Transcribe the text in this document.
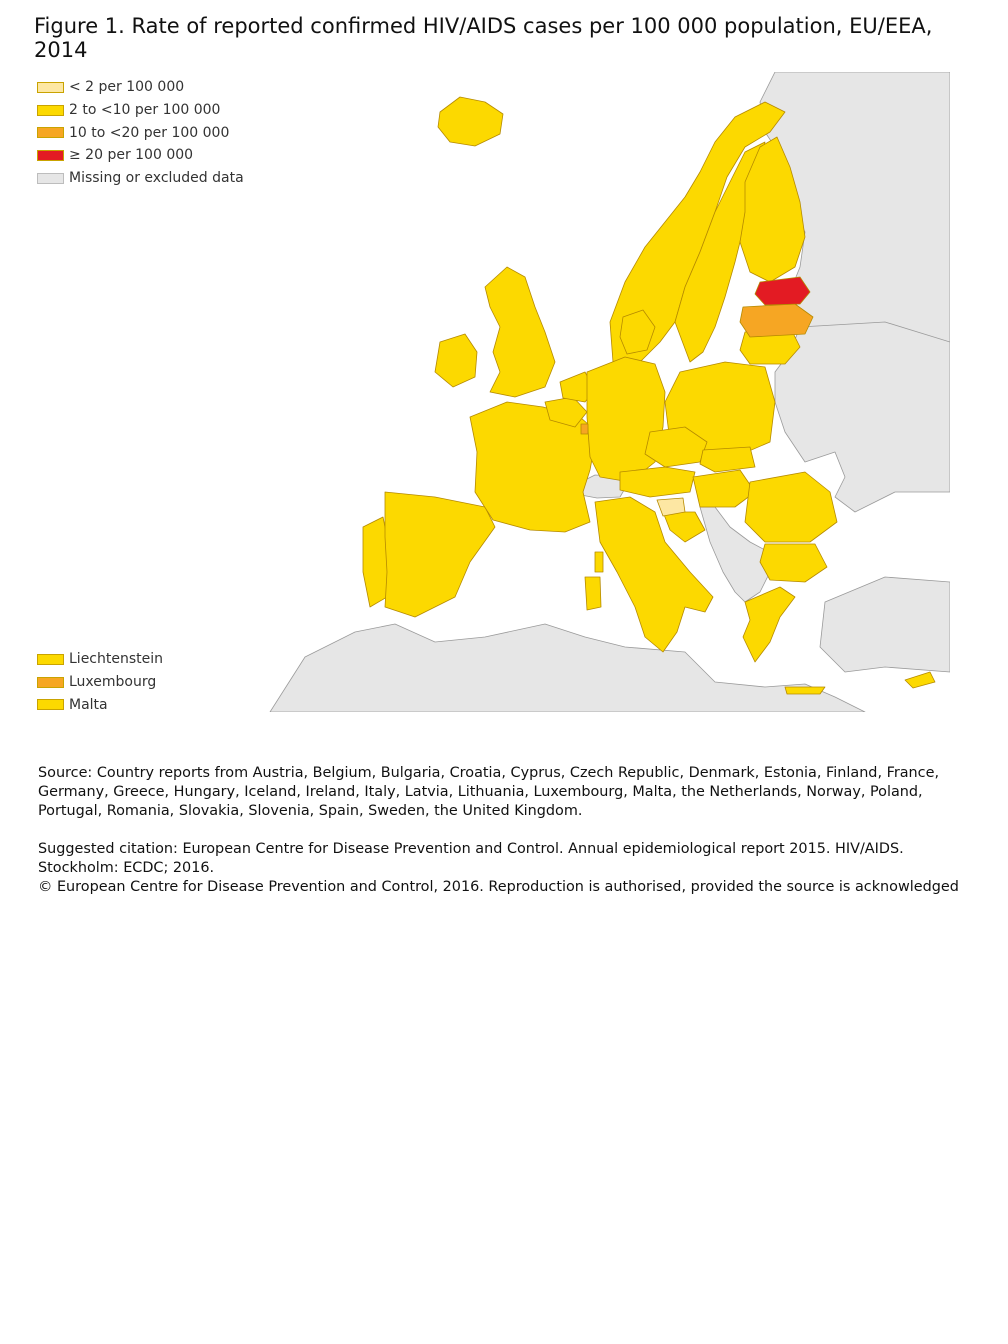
Figure 1. Rate of reported confirmed HIV/AIDS cases per 100 000 population, EU/EEA,
2014
< 2 per 100 000
2 to <10 per 100 000
10 to <20 per 100 000
≥ 20 per 100 000
Missing or excluded data
Liechtenstein
Luxembourg
Malta

Source: Country reports from Austria, Belgium, Bulgaria, Croatia, Cyprus, Czech Republic, Denmark, Estonia, Finland, France,

Germany, Greece, Hungary, Iceland, Ireland, Italy, Latvia, Lithuania, Luxembourg, Malta, the Netherlands, Norway, Poland,

Portugal, Romania, Slovakia, Slovenia, Spain, Sweden, the United Kingdom.

Suggested citation: European Centre for Disease Prevention and Control. Annual epidemiological report 2015. HIV/AIDS.

Stockholm: ECDC; 2016.

© European Centre for Disease Prevention and Control, 2016. Reproduction is authorised, provided the source is acknowledged
